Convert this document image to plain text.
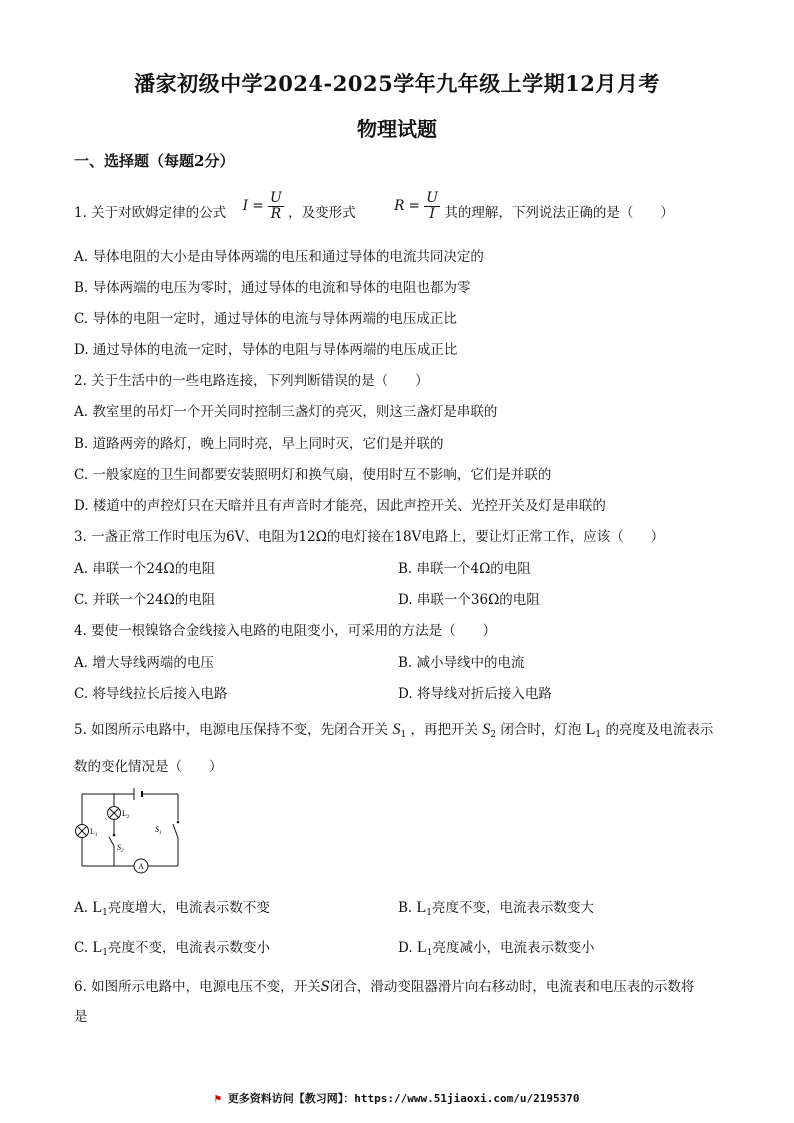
潘家初级中学2024-2025学年九年级上学期12月月考
物理试题
一、选择题（每题2分）
1. 关于对欧姆定律的公式 $I = \frac{U}{R}$ ，及变形式	$R = \frac{U}{I}$ 其的理解，下列说法正确的是（　　）
A. 导体电阻的大小是由导体两端的电压和通过导体的电流共同决定的
B. 导体两端的电压为零时，通过导体的电流和导体的电阻也都为零
C. 导体的电阻一定时，通过导体的电流与导体两端的电压成正比
D. 通过导体的电流一定时，导体的电阻与导体两端的电压成正比
2. 关于生活中的一些电路连接，下列判断错误的是（　　）
A. 教室里的吊灯一个开关同时控制三盏灯的亮灭，则这三盏灯是串联的
B. 道路两旁的路灯，晚上同时亮，早上同时灭，它们是并联的
C. 一般家庭的卫生间都要安装照明灯和换气扇，使用时互不影响，它们是并联的
D. 楼道中的声控灯只在天暗并且有声音时才能亮，因此声控开关、光控开关及灯是串联的
3. 一盏正常工作时电压为6V、电阻为12Ω的电灯接在18V电路上，要让灯正常工作，应该（　　）
A. 串联一个24Ω的电阻	B. 串联一个4Ω的电阻
C. 并联一个24Ω的电阻	D. 串联一个36Ω的电阻
4. 要使一根镍铬合金线接入电路的电阻变小，可采用的方法是（　　）
A. 增大导线两端的电压	B. 减小导线中的电流
C. 将导线拉长后接入电路	D. 将导线对折后接入电路
5. 如图所示电路中，电源电压保持不变，先闭合开关 $S_1$ ，再把开关 $S_2$ 闭合时，灯泡 $L_1$ 的亮度及电流表示
数的变化情况是（　　）
$L_2$
$L_1$
$S_2$
$S_1$
A
A. $L_1$亮度增大，电流表示数不变	B. $L_1$亮度不变，电流表示数变大
C. $L_1$亮度不变，电流表示数变小	D. $L_1$亮度减小，电流表示数变小
6. 如图所示电路中，电源电压不变，开关S闭合，滑动变阻器滑片向右移动时，电流表和电压表的示数将
是
⚑ 更多资料访问【教习网】：https://www.51jiaoxi.com/u/2195370
